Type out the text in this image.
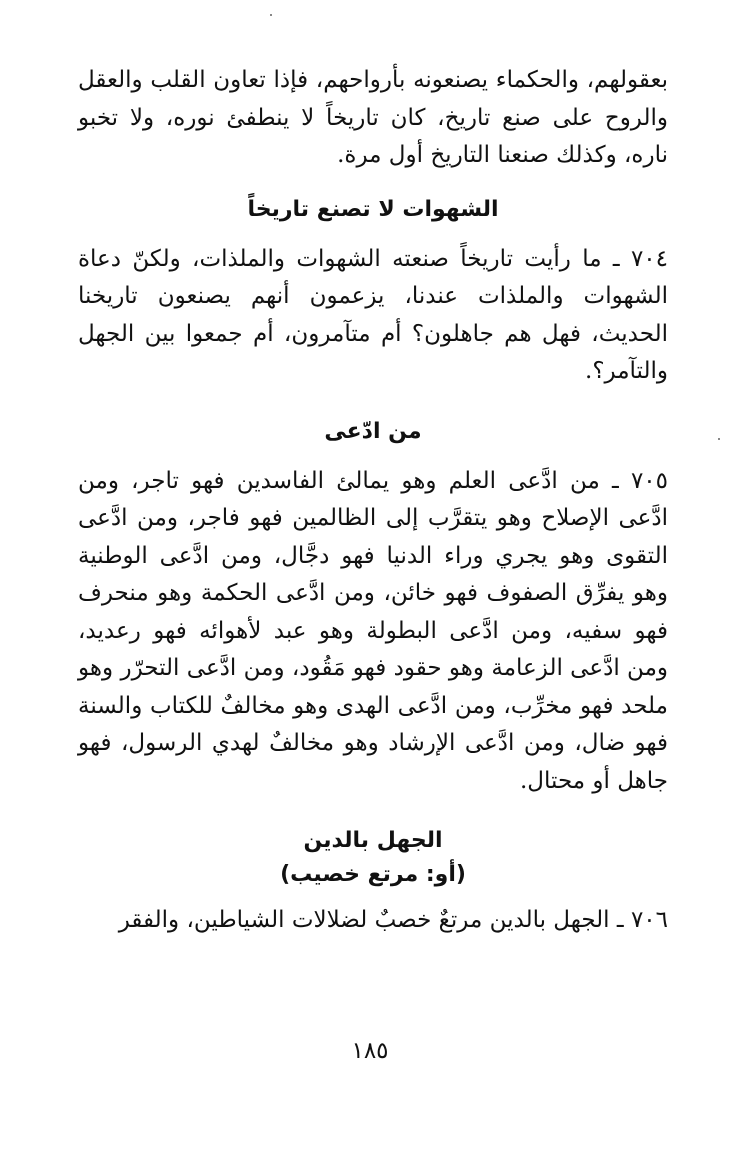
بعقولهم، والحكماء يصنعونه بأرواحهم، فإذا تعاون القلب والعقل والروح على صنع تاريخ، كان تاريخاً لا ينطفئ نوره، ولا تخبو ناره، وكذلك صنعنا التاريخ أول مرة.

الشهوات لا تصنع تاريخاً

٧٠٤ ـ ما رأيت تاريخاً صنعته الشهوات والملذات، ولكنّ دعاة الشهوات والملذات عندنا، يزعمون أنهم يصنعون تاريخنا الحديث، فهل هم جاهلون؟ أم متآمرون، أم جمعوا بين الجهل والتآمر؟.

من ادّعى

٧٠٥ ـ من ادَّعى العلم وهو يمالئ الفاسدين فهو تاجر، ومن ادَّعى الإصلاح وهو يتقرَّب إلى الظالمين فهو فاجر، ومن ادَّعى التقوى وهو يجري وراء الدنيا فهو دجَّال، ومن ادَّعى الوطنية وهو يفرِّق الصفوف فهو خائن، ومن ادَّعى الحكمة وهو منحرف فهو سفيه، ومن ادَّعى البطولة وهو عبد لأهوائه فهو رعديد، ومن ادَّعى الزعامة وهو حقود فهو مَقُود، ومن ادَّعى التحرّر وهو ملحد فهو مخرِّب، ومن ادَّعى الهدى وهو مخالفٌ للكتاب والسنة فهو ضال، ومن ادَّعى الإرشاد وهو مخالفٌ لهدي الرسول، فهو جاهل أو محتال.

الجهل بالدين
(أو: مرتع خصيب)

٧٠٦ ـ الجهل بالدين مرتعٌ خصبٌ لضلالات الشياطين، والفقر

١٨٥
